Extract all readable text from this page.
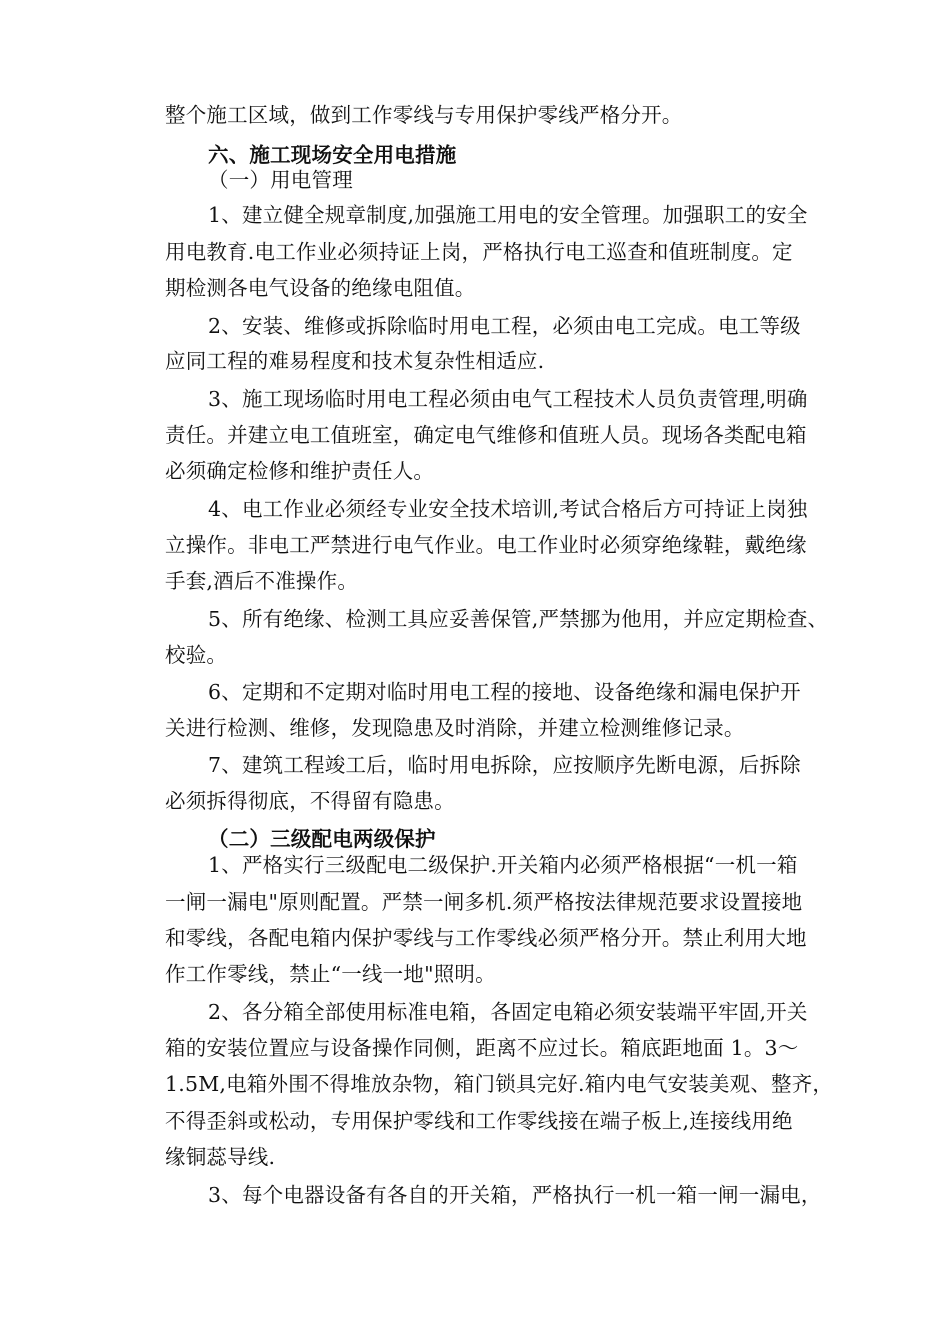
整个施工区域，做到工作零线与专用保护零线严格分开。
六、施工现场安全用电措施
（一）用电管理
1、建立健全规章制度,加强施工用电的安全管理。加强职工的安全
用电教育.电工作业必须持证上岗，严格执行电工巡查和值班制度。定
期检测各电气设备的绝缘电阻值。
2、安装、维修或拆除临时用电工程，必须由电工完成。电工等级
应同工程的难易程度和技术复杂性相适应.
3、施工现场临时用电工程必须由电气工程技术人员负责管理,明确
责任。并建立电工值班室，确定电气维修和值班人员。现场各类配电箱
必须确定检修和维护责任人。
4、电工作业必须经专业安全技术培训,考试合格后方可持证上岗独
立操作。非电工严禁进行电气作业。电工作业时必须穿绝缘鞋，戴绝缘
手套,酒后不准操作。
5、所有绝缘、检测工具应妥善保管,严禁挪为他用，并应定期检查、
校验。
6、定期和不定期对临时用电工程的接地、设备绝缘和漏电保护开
关进行检测、维修，发现隐患及时消除，并建立检测维修记录。
7、建筑工程竣工后，临时用电拆除，应按顺序先断电源，后拆除
必须拆得彻底，不得留有隐患。
（二）三级配电两级保护
1、严格实行三级配电二级保护.开关箱内必须严格根据“一机一箱
一闸一漏电"原则配置。严禁一闸多机.须严格按法律规范要求设置接地
和零线，各配电箱内保护零线与工作零线必须严格分开。禁止利用大地
作工作零线，禁止“一线一地"照明。
2、各分箱全部使用标准电箱，各固定电箱必须安装端平牢固,开关
箱的安装位置应与设备操作同侧，距离不应过长。箱底距地面 1。3～
1.5M,电箱外围不得堆放杂物，箱门锁具完好.箱内电气安装美观、整齐，
不得歪斜或松动，专用保护零线和工作零线接在端子板上,连接线用绝
缘铜蕊导线.
3、每个电器设备有各自的开关箱，严格执行一机一箱一闸一漏电，
